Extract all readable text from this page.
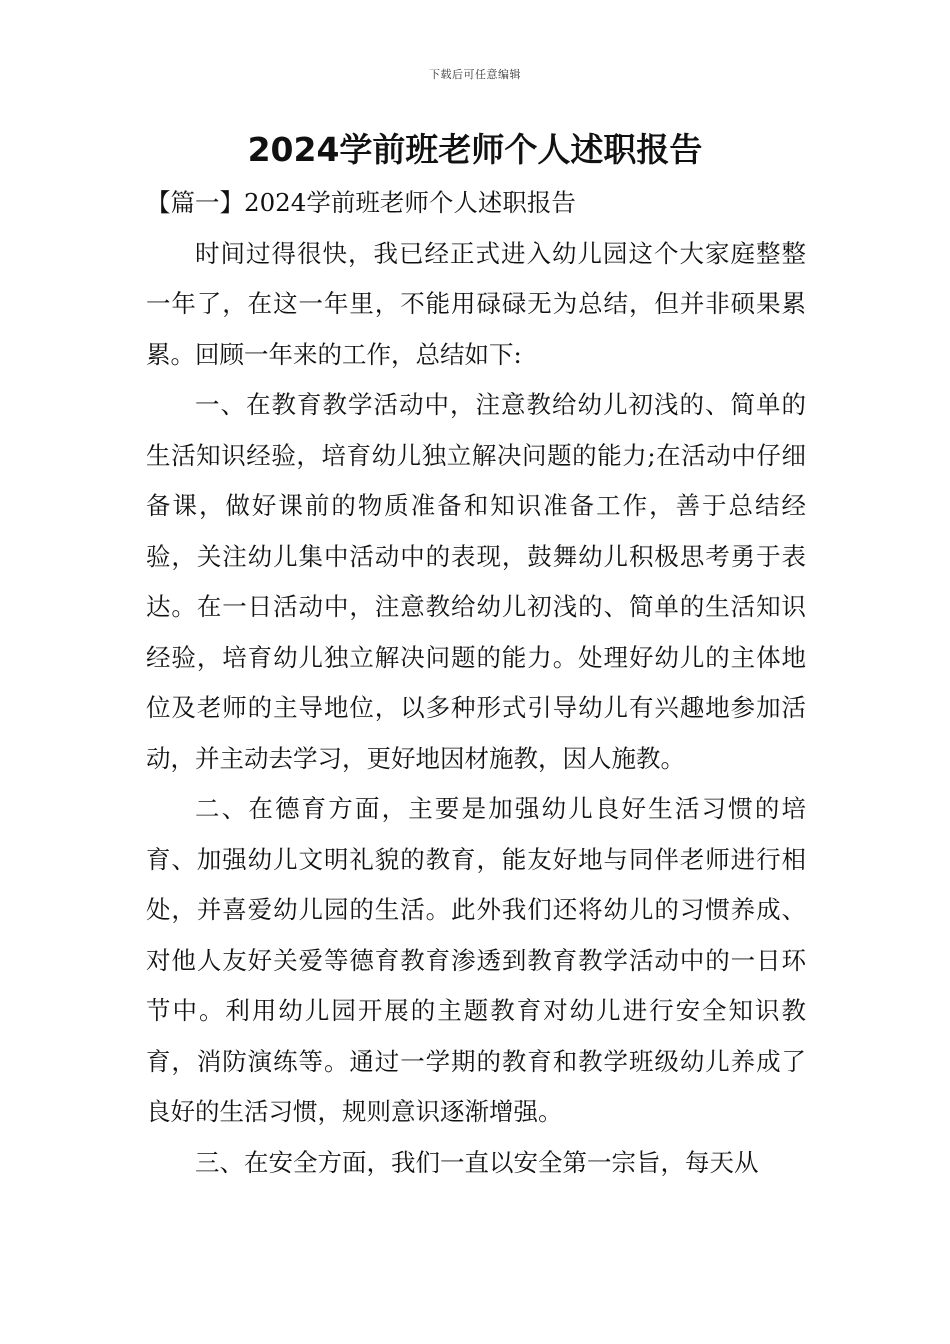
下载后可任意编辑
2024学前班老师个人述职报告

【篇一】2024学前班老师个人述职报告

时间过得很快，我已经正式进入幼儿园这个大家庭整整一年了，在这一年里，不能用碌碌无为总结，但并非硕果累累。回顾一年来的工作，总结如下:

一、在教育教学活动中，注意教给幼儿初浅的、简单的生活知识经验，培育幼儿独立解决问题的能力;在活动中仔细备课，做好课前的物质准备和知识准备工作，善于总结经验，关注幼儿集中活动中的表现，鼓舞幼儿积极思考勇于表达。在一日活动中，注意教给幼儿初浅的、简单的生活知识经验，培育幼儿独立解决问题的能力。处理好幼儿的主体地位及老师的主导地位，以多种形式引导幼儿有兴趣地参加活动，并主动去学习，更好地因材施教，因人施教。

二、在德育方面，主要是加强幼儿良好生活习惯的培育、加强幼儿文明礼貌的教育，能友好地与同伴老师进行相处，并喜爱幼儿园的生活。此外我们还将幼儿的习惯养成、对他人友好关爱等德育教育渗透到教育教学活动中的一日环节中。利用幼儿园开展的主题教育对幼儿进行安全知识教育，消防演练等。通过一学期的教育和教学班级幼儿养成了良好的生活习惯，规则意识逐渐增强。

三、在安全方面，我们一直以安全第一宗旨，每天从
